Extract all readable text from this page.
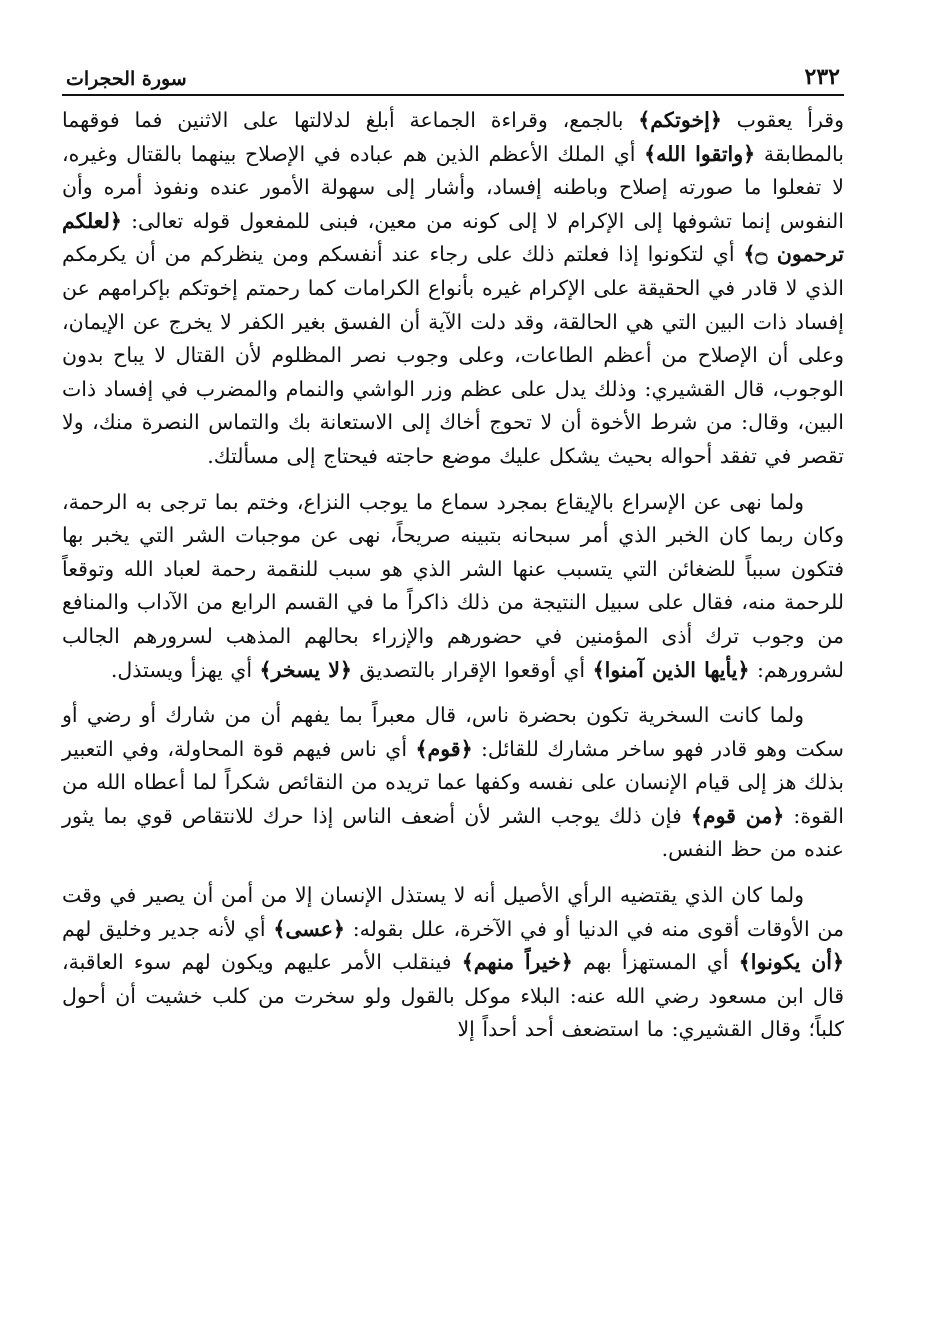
٢٣٢
سورة الحجرات

وقرأ يعقوب ﴿إخوتكم﴾ بالجمع، وقراءة الجماعة أبلغ لدلالتها على الاثنين فما فوقهما بالمطابقة ﴿واتقوا الله﴾ أي الملك الأعظم الذين هم عباده في الإصلاح بينهما بالقتال وغيره، لا تفعلوا ما صورته إصلاح وباطنه إفساد، وأشار إلى سهولة الأمور عنده ونفوذ أمره وأن النفوس إنما تشوفها إلى الإكرام لا إلى كونه من معين، فبنى للمفعول قوله تعالى: ﴿لعلكم ترحمون ۝﴾ أي لتكونوا إذا فعلتم ذلك على رجاء عند أنفسكم ومن ينظركم من أن يكرمكم الذي لا قادر في الحقيقة على الإكرام غيره بأنواع الكرامات كما رحمتم إخوتكم بإكرامهم عن إفساد ذات البين التي هي الحالقة، وقد دلت الآية أن الفسق بغير الكفر لا يخرج عن الإيمان، وعلى أن الإصلاح من أعظم الطاعات، وعلى وجوب نصر المظلوم لأن القتال لا يباح بدون الوجوب، قال القشيري: وذلك يدل على عظم وزر الواشي والنمام والمضرب في إفساد ذات البين، وقال: من شرط الأخوة أن لا تحوج أخاك إلى الاستعانة بك والتماس النصرة منك، ولا تقصر في تفقد أحواله بحيث يشكل عليك موضع حاجته فيحتاج إلى مسألتك.

ولما نهى عن الإسراع بالإيقاع بمجرد سماع ما يوجب النزاع، وختم بما ترجى به الرحمة، وكان ربما كان الخبر الذي أمر سبحانه بتبينه صريحاً، نهى عن موجبات الشر التي يخبر بها فتكون سبباً للضغائن التي يتسبب عنها الشر الذي هو سبب للنقمة رحمة لعباد الله وتوقعاً للرحمة منه، فقال على سبيل النتيجة من ذلك ذاكراً ما في القسم الرابع من الآداب والمنافع من وجوب ترك أذى المؤمنين في حضورهم والإزراء بحالهم المذهب لسرورهم الجالب لشرورهم: ﴿يأيها الذين آمنوا﴾ أي أوقعوا الإقرار بالتصديق ﴿لا يسخر﴾ أي يهزأ ويستذل.

ولما كانت السخرية تكون بحضرة ناس، قال معبراً بما يفهم أن من شارك أو رضي أو سكت وهو قادر فهو ساخر مشارك للقائل: ﴿قوم﴾ أي ناس فيهم قوة المحاولة، وفي التعبير بذلك هز إلى قيام الإنسان على نفسه وكفها عما تريده من النقائص شكراً لما أعطاه الله من القوة: ﴿من قوم﴾ فإن ذلك يوجب الشر لأن أضعف الناس إذا حرك للانتقاص قوي بما يثور عنده من حظ النفس.

ولما كان الذي يقتضيه الرأي الأصيل أنه لا يستذل الإنسان إلا من أمن أن يصير في وقت من الأوقات أقوى منه في الدنيا أو في الآخرة، علل بقوله: ﴿عسى﴾ أي لأنه جدير وخليق لهم ﴿أن يكونوا﴾ أي المستهزأ بهم ﴿خيراً منهم﴾ فينقلب الأمر عليهم ويكون لهم سوء العاقبة، قال ابن مسعود رضي الله عنه: البلاء موكل بالقول ولو سخرت من كلب خشيت أن أحول كلباً؛ وقال القشيري: ما استضعف أحد أحداً إلا
